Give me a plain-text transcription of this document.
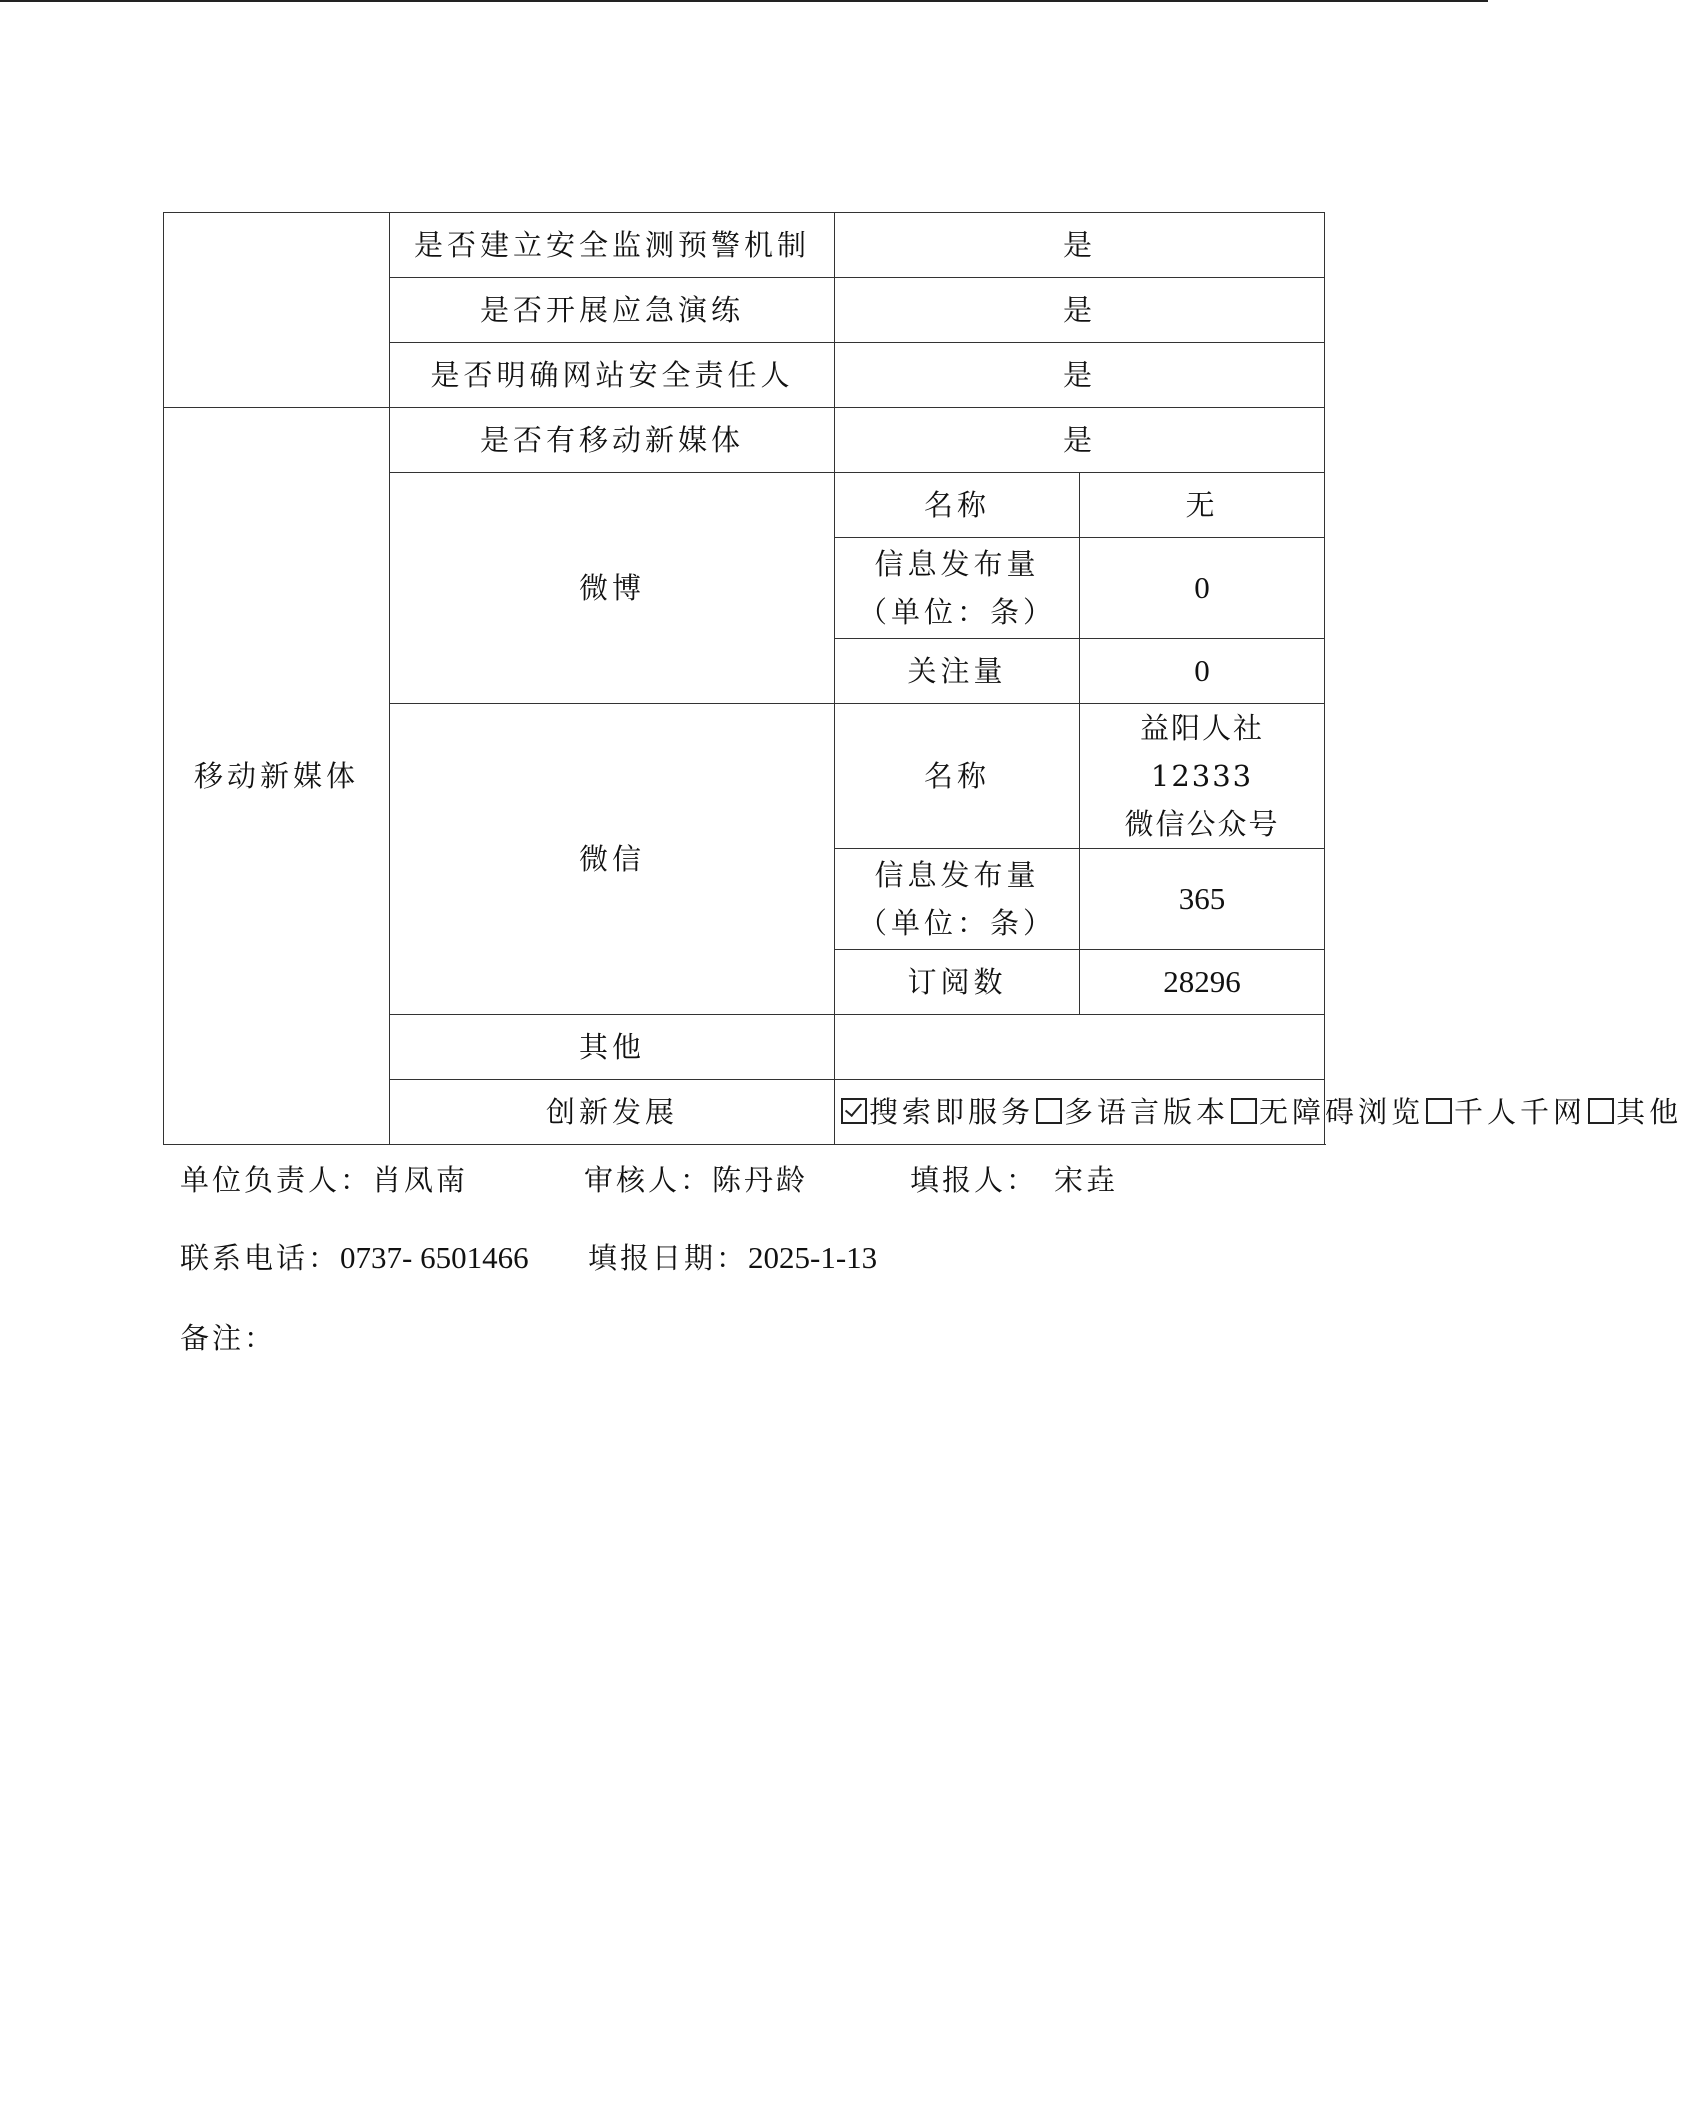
	是否建立安全监测预警机制	是	
	是否开展应急演练	是	
	是否明确网站安全责任人	是	
移动新媒体	是否有移动新媒体	是	
	微博	名称	无

		信息发布量
（单位：条）	0
		关注量	0
	微信	名称	益阳人社 12333
微信公众号

		信息发布量
（单位：条）	365
		订阅数	28296
	其他		
	创新发展	搜索即服务 多语言版本 无障碍浏览 千人千网 其他	
单位负责人：肖凤南	审核人：陈丹龄	填报人： 宋垚
联系电话：0737- 6501466 填报日期：2025-1-13
备注：
